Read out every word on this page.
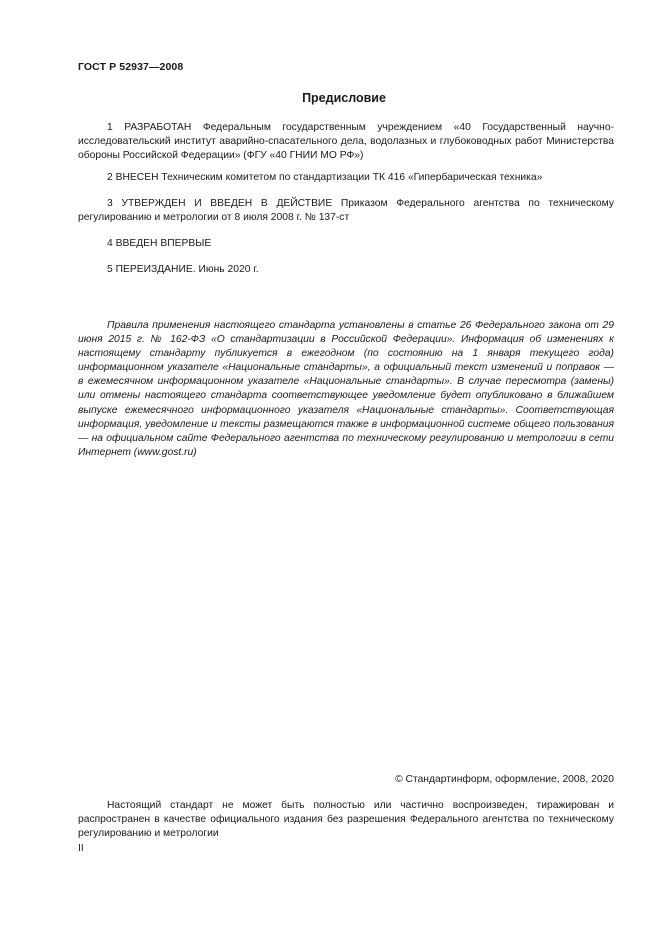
ГОСТ Р 52937—2008
Предисловие

1 РАЗРАБОТАН Федеральным государственным учреждением «40 Государственный научно-исследовательский институт аварийно-спасательного дела, водолазных и глубоководных работ Министерства обороны Российской Федерации» (ФГУ «40 ГНИИ МО РФ»)

2 ВНЕСЕН Техническим комитетом по стандартизации ТК 416 «Гипербарическая техника»

3 УТВЕРЖДЕН И ВВЕДЕН В ДЕЙСТВИЕ Приказом Федерального агентства по техническому регулированию и метрологии от 8 июля 2008 г. № 137-ст

4 ВВЕДЕН ВПЕРВЫЕ

5 ПЕРЕИЗДАНИЕ. Июнь 2020 г.

Правила применения настоящего стандарта установлены в статье 26 Федерального закона от 29 июня 2015 г. № 162-ФЗ «О стандартизации в Российской Федерации». Информация об изменениях к настоящему стандарту публикуется в ежегодном (по состоянию на 1 января текущего года) информационном указателе «Национальные стандарты», а официальный текст изменений и поправок — в ежемесячном информационном указателе «Национальные стандарты». В случае пересмотра (замены) или отмены настоящего стандарта соответствующее уведомление будет опубликовано в ближайшем выпуске ежемесячного информационного указателя «Национальные стандарты». Соответствующая информация, уведомление и тексты размещаются также в информационной системе общего пользования — на официальном сайте Федерального агентства по техническому регулированию и метрологии в сети Интернет (www.gost.ru)

© Стандартинформ, оформление, 2008, 2020

Настоящий стандарт не может быть полностью или частично воспроизведен, тиражирован и распространен в качестве официального издания без разрешения Федерального агентства по техническому регулированию и метрологии

II
